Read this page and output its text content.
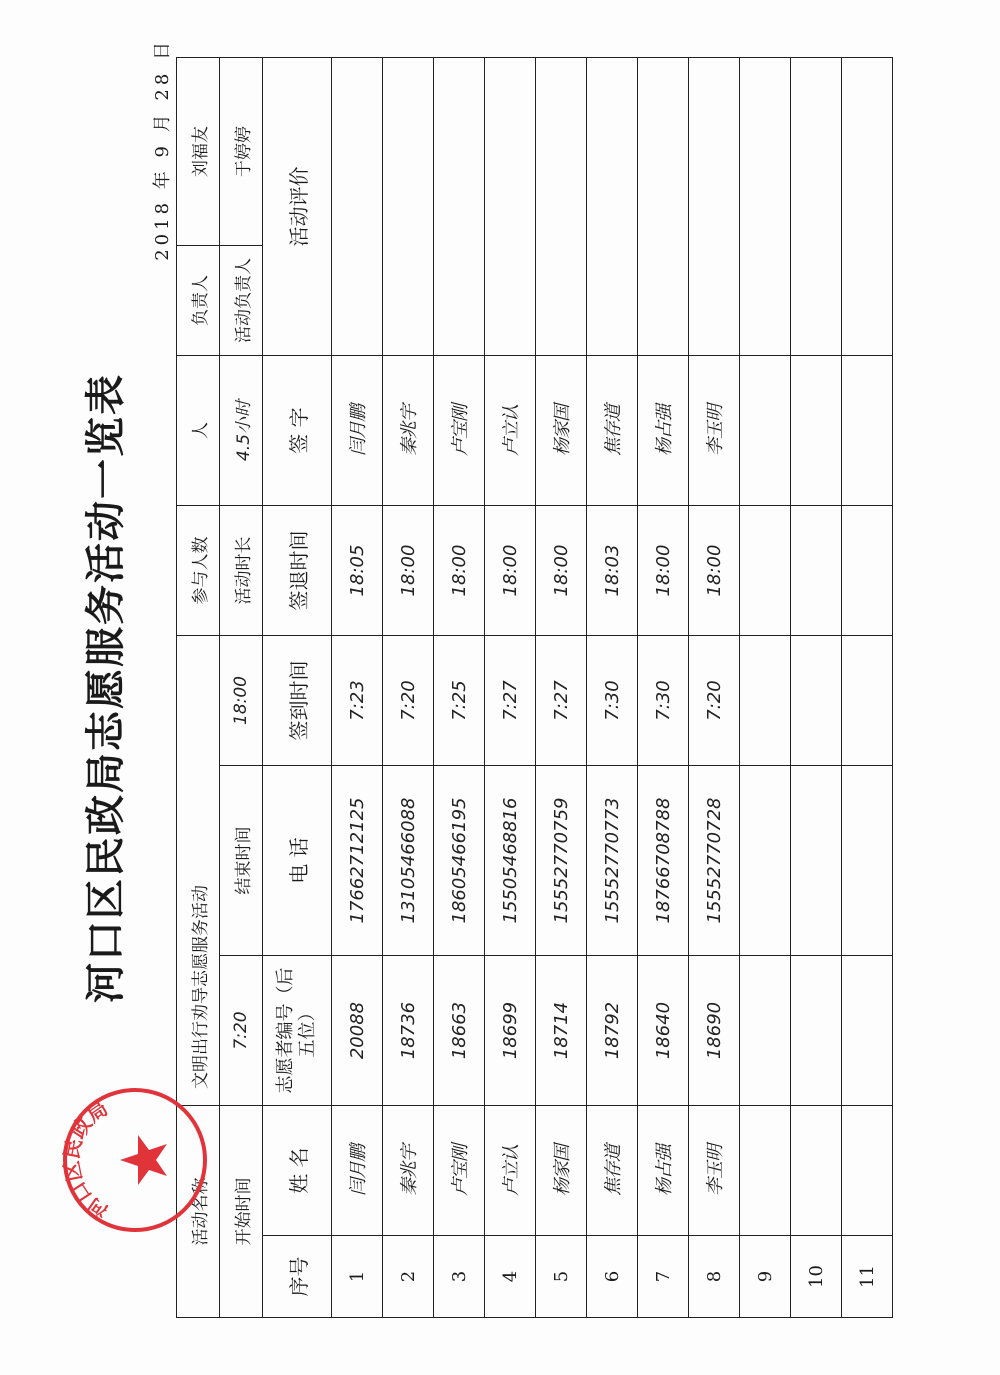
河口区民政局志愿服务活动一览表
2018 年 9 月 28 日
活动名称		文明出行劝导志愿服务活动			参与人数	人	负责人	刘福友
开始时间		7:20	结束时间	18:00	活动时长	4.5小时	活动负责人	于婷婷
序号	姓 名	志愿者编号（后五位）	电 话	签到时间	签退时间	签 字	活动评价	
1	闫月鹏	20088	17662712125	7:23	18:05	闫月鹏		
2	秦兆宇	18736	13105466088	7:20	18:00	秦兆宇		
3	卢宝刚	18663	18605466195	7:25	18:00	卢宝刚		
4	卢立认	18699	15505468816	7:27	18:00	卢立认		
5	杨家国	18714	15552770759	7:27	18:00	杨家国		
6	焦存道	18792	15552770773	7:30	18:03	焦存道		
7	杨占强	18640	18766708788	7:30	18:00	杨占强		
8	李玉明	18690	15552770728	7:20	18:00	李玉明		
9								
10								
11								
河口区民政局
